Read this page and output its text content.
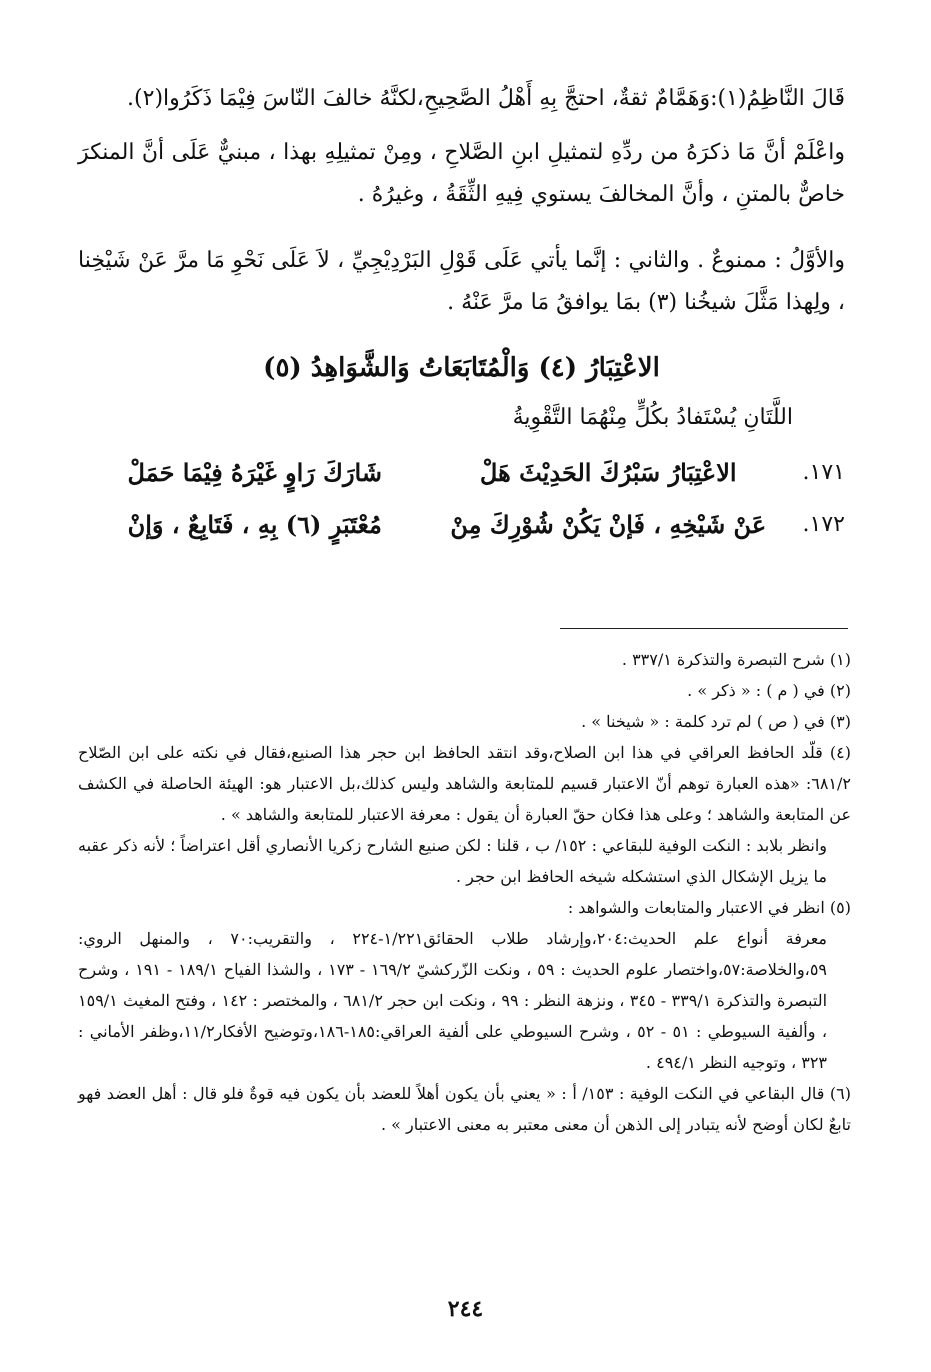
قَالَ النَّاظِمُ(١):وَهَمَّامٌ ثقةٌ، احتجَّ بِهِ أَهْلُ الصَّحِيحِ،لكنَّهُ خالفَ النّاسَ فِيْمَا ذَكَرُوا(٢).
واعْلَمْ أنَّ مَا ذكرَهُ من ردِّهِ لتمثيلِ ابنِ الصَّلاحِ ، ومِنْ تمثيلِهِ بهذا ، مبنيٌّ عَلَى أنَّ المنكرَ خاصٌّ بالمتنِ ، وأنَّ المخالفَ يستوي فِيهِ الثِّقَةُ ، وغيرُهُ .
والأوَّلُ : ممنوعٌ . والثاني : إنَّما يأتي عَلَى قَوْلِ البَرْدِيْجِيِّ ، لاَ عَلَى نَحْوِ مَا مرَّ عَنْ شَيْخِنا ، ولِهذا مَثَّلَ شيخُنا (٣) بمَا يوافقُ مَا مرَّ عَنْهُ .
الاعْتِبَارُ (٤) وَالْمُتَابَعَاتُ وَالشَّوَاهِدُ (٥)
اللَّتَانِ يُسْتَفادُ بكُلٍّ مِنْهُمَا التَّقْوِيةُ
١٧١.
الاعْتِبَارُ سَبْرُكَ الحَدِيْثَ هَلْ
شَارَكَ رَاوٍ غَيْرَهُ فِيْمَا حَمَلْ
١٧٢.
عَنْ شَيْخِهِ ، فَإنْ يَكُنْ شُوْرِكَ مِنْ
مُعْتَبَرٍ (٦) بِهِ ، فَتَابِعٌ ، وَإنْ

(١) شرح التبصرة والتذكرة ٣٣٧/١ .

(٢) في ( م ) : « ذكر » .

(٣) في ( ص ) لم ترد كلمة : « شيخنا » .

(٤) قلّد الحافظ العراقي في هذا ابن الصلاح،وقد انتقد الحافظ ابن حجر هذا الصنيع،فقال في نكته على ابن الصّلاح ٦٨١/٢: «هذه العبارة توهم أنّ الاعتبار قسيم للمتابعة والشاهد وليس كذلك،بل الاعتبار هو: الهيئة الحاصلة في الكشف عن المتابعة والشاهد ؛ وعلى هذا فكان حقّ العبارة أن يقول : معرفة الاعتبار للمتابعة والشاهد » .

وانظر بلابد : النكت الوفية للبقاعي : ١٥٢/ ب ، قلنا : لكن صنيع الشارح زكريا الأنصاري أقل اعتراضاً ؛ لأنه ذكر عقبه ما يزيل الإشكال الذي استشكله شيخه الحافظ ابن حجر .

(٥) انظر في الاعتبار والمتابعات والشواهد :

معرفة أنواع علم الحديث:٢٠٤،وإرشاد طلاب الحقائق١/٢٢١-٢٢٤ ، والتقريب:٧٠ ، والمنهل الروي: ٥٩،والخلاصة:٥٧،واختصار علوم الحديث : ٥٩ ، ونكت الزّركشيّ ١٦٩/٢ - ١٧٣ ، والشذا الفياح ١٨٩/١ - ١٩١ ، وشرح التبصرة والتذكرة ٣٣٩/١ - ٣٤٥ ، ونزهة النظر : ٩٩ ، ونكت ابن حجر ٦٨١/٢ ، والمختصر : ١٤٢ ، وفتح المغيث ١٥٩/١ ، وألفية السيوطي : ٥١ - ٥٢ ، وشرح السيوطي على ألفية العراقي:١٨٥-١٨٦،وتوضيح الأفكار١١/٢،وظفر الأماني : ٣٢٣ ، وتوجيه النظر ٤٩٤/١ .

(٦) قال البقاعي في النكت الوفية : ١٥٣/ أ : « يعني بأن يكون أهلاً للعضد بأن يكون فيه قوةٌ فلو قال : أهل العضد فهو تابعٌ لكان أوضح لأنه يتبادر إلى الذهن أن معنى معتبر به معنى الاعتبار » .

٢٤٤
